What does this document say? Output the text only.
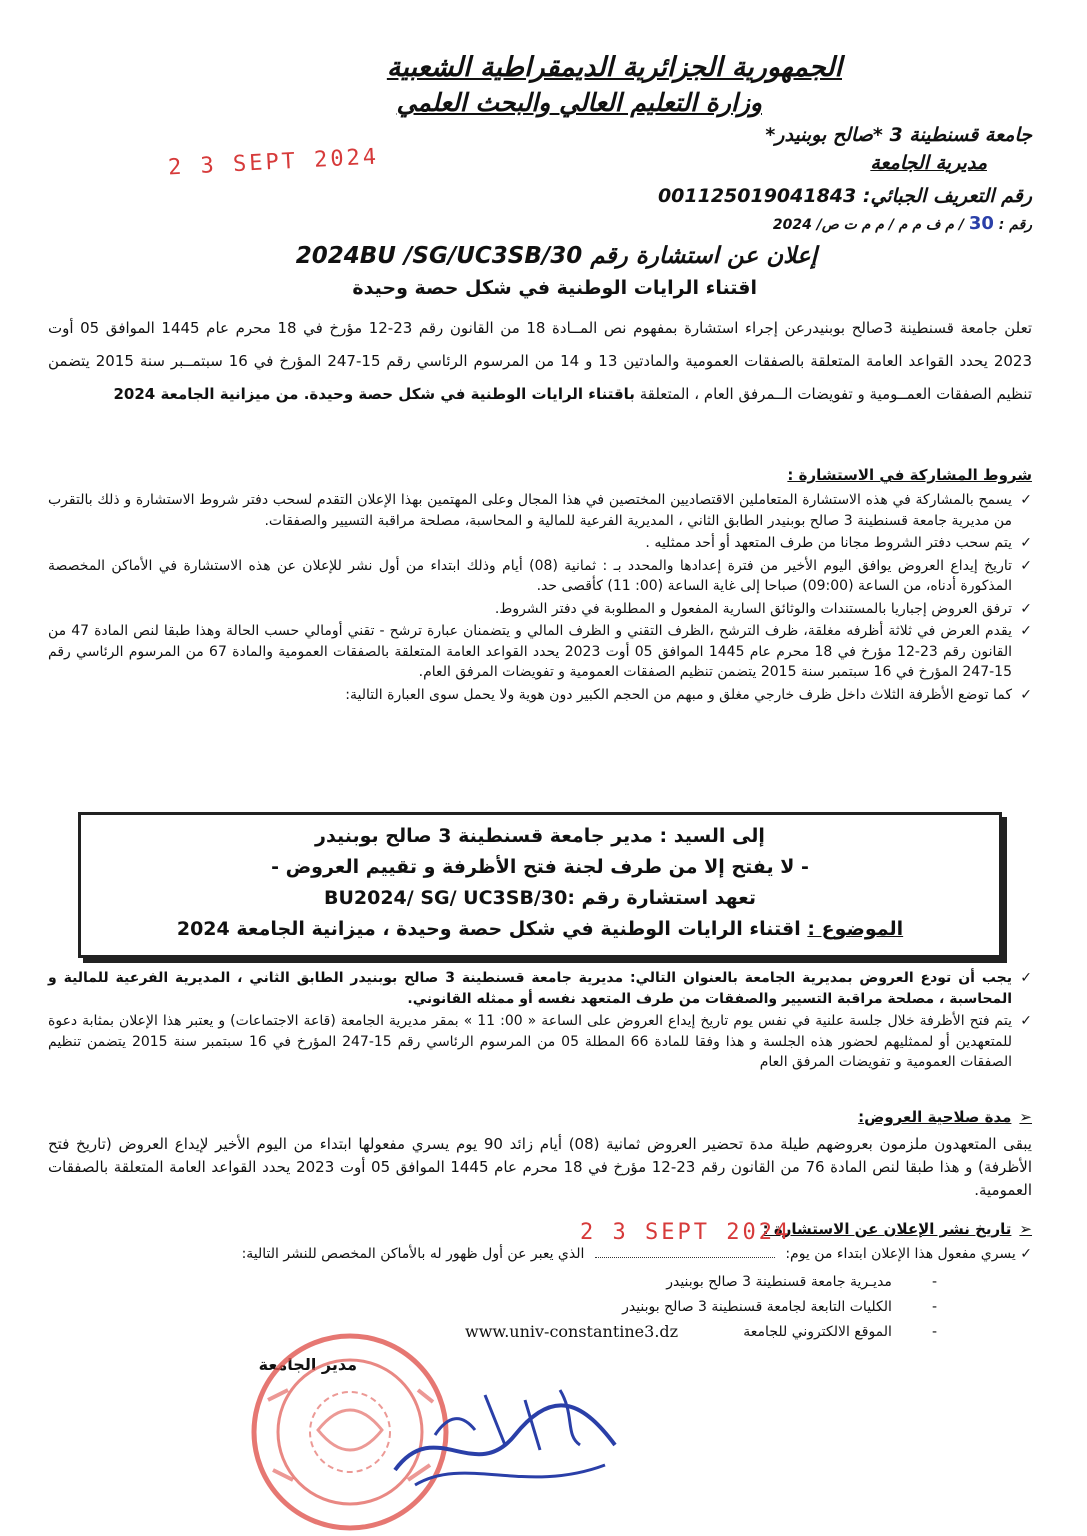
الجمهورية الجزائرية الديمقراطية الشعبية
وزارة التعليم العالي والبحث العلمي
جامعة قسنطينة 3 *صالح بوبنيدر*
مديرية الجامعة
2 3 SEPT 2024
رقم التعريف الجبائي: 001125019041843
رقم : 30 / م ف م م / م م ت ص/ 2024
إعلان عن استشارة رقم 2024BU /SG/UC3SB/30
اقتناء الرايات الوطنية في شكل حصة وحيدة
تعلن جامعة قسنطينة 3صالح بوبنيدرعن إجراء استشارة بمفهوم نص المــادة 18 من القانون رقم 23-12 مؤرخ في 18 محرم عام 1445 الموافق 05 أوت 2023 يحدد القواعد العامة المتعلقة بالصفقات العمومية والمادتين 13 و 14 من المرسوم الرئاسي رقم 15-247 المؤرخ في 16 سبتمــبر سنة 2015 يتضمن تنظيم الصفقات العمــومية و تفويضات الــمرفق العام ، المتعلقة باقتناء الرايات الوطنية في شكل حصة وحيدة. من ميزانية الجامعة 2024
شروط المشاركة في الاستشارة :
✓
يسمح بالمشاركة في هذه الاستشارة المتعاملين الاقتصاديين المختصين في هذا المجال وعلى المهتمين بهذا الإعلان التقدم لسحب دفتر شروط الاستشارة و ذلك بالتقرب من مديرية جامعة قسنطينة 3 صالح بوبنيدر الطابق الثاني ، المديرية الفرعية للمالية و المحاسبة، مصلحة مراقبة التسيير والصفقات.
✓
يتم سحب دفتر الشروط مجانا من طرف المتعهد أو أحد ممثليه .
✓
تاريخ إيداع العروض يوافق اليوم الأخير من فترة إعدادها والمحدد بـ : ثمانية (08) أيام وذلك ابتداء من أول نشر للإعلان عن هذه الاستشارة في الأماكن المخصصة المذكورة أدناه، من الساعة (09:00) صباحا إلى غاية الساعة (00: 11) كأقصى حد.
✓
ترفق العروض إجباريا بالمستندات والوثائق السارية المفعول و المطلوبة في دفتر الشروط.
✓
يقدم العرض في ثلاثة أظرفه مغلقة، ظرف الترشح ،الظرف التقني و الظرف المالي و يتضمنان عبارة ترشح - تقني أومالي حسب الحالة وهذا طبقا لنص المادة 47 من القانون رقم 23-12 مؤرخ في 18 محرم عام 1445 الموافق 05 أوت 2023 يحدد القواعد العامة المتعلقة بالصفقات العمومية والمادة 67 من المرسوم الرئاسي رقم 15-247 المؤرخ في 16 سبتمبر سنة 2015 يتضمن تنظيم الصفقات العمومية و تفويضات المرفق العام.
✓
كما توضع الأظرفة الثلاث داخل ظرف خارجي مغلق و مبهم من الحجم الكبير دون هوية ولا يحمل سوى العبارة التالية:
إلى السيد : مدير جامعة قسنطينة 3 صالح بوبنيدر
- لا يفتح إلا من طرف لجنة فتح الأظرفة و تقييم العروض -
تعهد استشارة رقم :BU2024/ SG/ UC3SB/30
الموضوع : اقتناء الرايات الوطنية في شكل حصة وحيدة ، ميزانية الجامعة 2024
✓
يجب أن تودع العروض بمديرية الجامعة بالعنوان التالي: مديرية جامعة قسنطينة 3 صالح بوبنيدر الطابق الثاني ، المديرية الفرعية للمالية و المحاسبة ، مصلحة مراقبة التسيير والصفقات من طرف المتعهد نفسه أو ممثله القانوني.
✓
يتم فتح الأظرفة خلال جلسة علنية في نفس يوم تاريخ إيداع العروض على الساعة « 00: 11 » بمقر مديرية الجامعة (قاعة الاجتماعات) و يعتبر هذا الإعلان بمثابة دعوة للمتعهدين أو لممثليهم لحضور هذه الجلسة و هذا وفقا للمادة 66 المطلة 05 من المرسوم الرئاسي رقم 15-247 المؤرخ في 16 سبتمبر سنة 2015 يتضمن تنظيم الصفقات العمومية و تفويضات المرفق العام
➢مدة صلاحية العروض:
يبقى المتعهدون ملزمون بعروضهم طيلة مدة تحضير العروض ثمانية (08) أيام زائد 90 يوم يسري مفعولها ابتداء من اليوم الأخير لإيداع العروض (تاريخ فتح الأظرفة) و هذا طبقا لنص المادة 76 من القانون رقم 23-12 مؤرخ في 18 محرم عام 1445 الموافق 05 أوت 2023 يحدد القواعد العامة المتعلقة بالصفقات العمومية.
➢تاريخ نشر الإعلان عن الاستشارة :
2 3 SEPT 2024
✓ يسري مفعول هذا الإعلان ابتداء من يوم:  الذي يعبر عن أول ظهور له بالأماكن المخصص للنشر التالية:
-مديـرية جامعة قسنطينة 3 صالح بوبنيدر
-الكليات التابعة لجامعة قسنطينة 3 صالح بوبنيدر
-الموقع الالكتروني للجامعة
www.univ-constantine3.dz
مدير الجامعة
